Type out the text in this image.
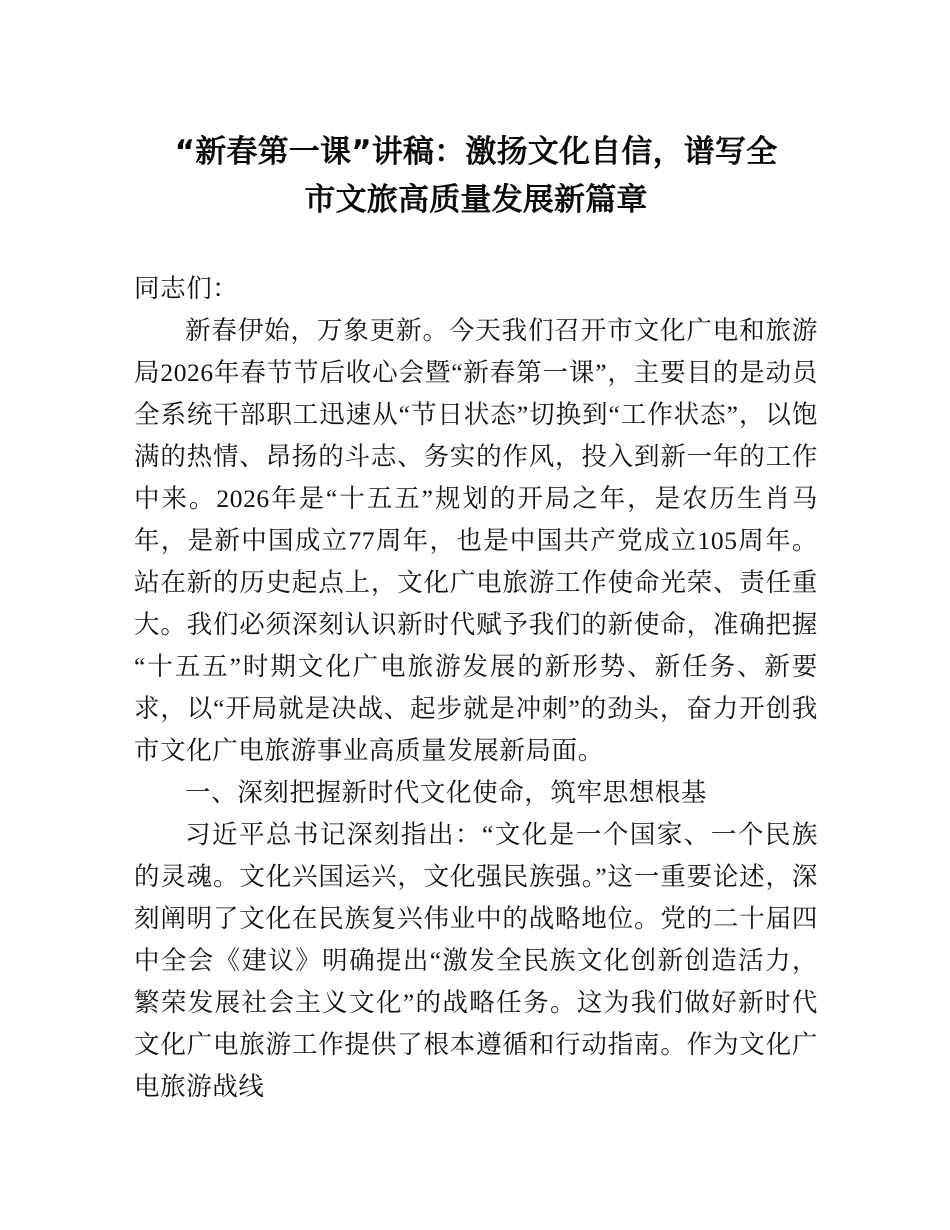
“新春第一课”讲稿：激扬文化自信，谱写全
市文旅高质量发展新篇章

同志们：

新春伊始，万象更新。今天我们召开市文化广电和旅游局2026年春节节后收心会暨“新春第一课”，主要目的是动员全系统干部职工迅速从“节日状态”切换到“工作状态”，以饱满的热情、昂扬的斗志、务实的作风，投入到新一年的工作中来。2026年是“十五五”规划的开局之年，是农历生肖马年，是新中国成立77周年，也是中国共产党成立105周年。站在新的历史起点上，文化广电旅游工作使命光荣、责任重大。我们必须深刻认识新时代赋予我们的新使命，准确把握“十五五”时期文化广电旅游发展的新形势、新任务、新要求，以“开局就是决战、起步就是冲刺”的劲头，奋力开创我市文化广电旅游事业高质量发展新局面。

一、深刻把握新时代文化使命，筑牢思想根基

习近平总书记深刻指出：“文化是一个国家、一个民族的灵魂。文化兴国运兴，文化强民族强。”这一重要论述，深刻阐明了文化在民族复兴伟业中的战略地位。党的二十届四中全会《建议》明确提出“激发全民族文化创新创造活力，繁荣发展社会主义文化”的战略任务。这为我们做好新时代文化广电旅游工作提供了根本遵循和行动指南。作为文化广电旅游战线
